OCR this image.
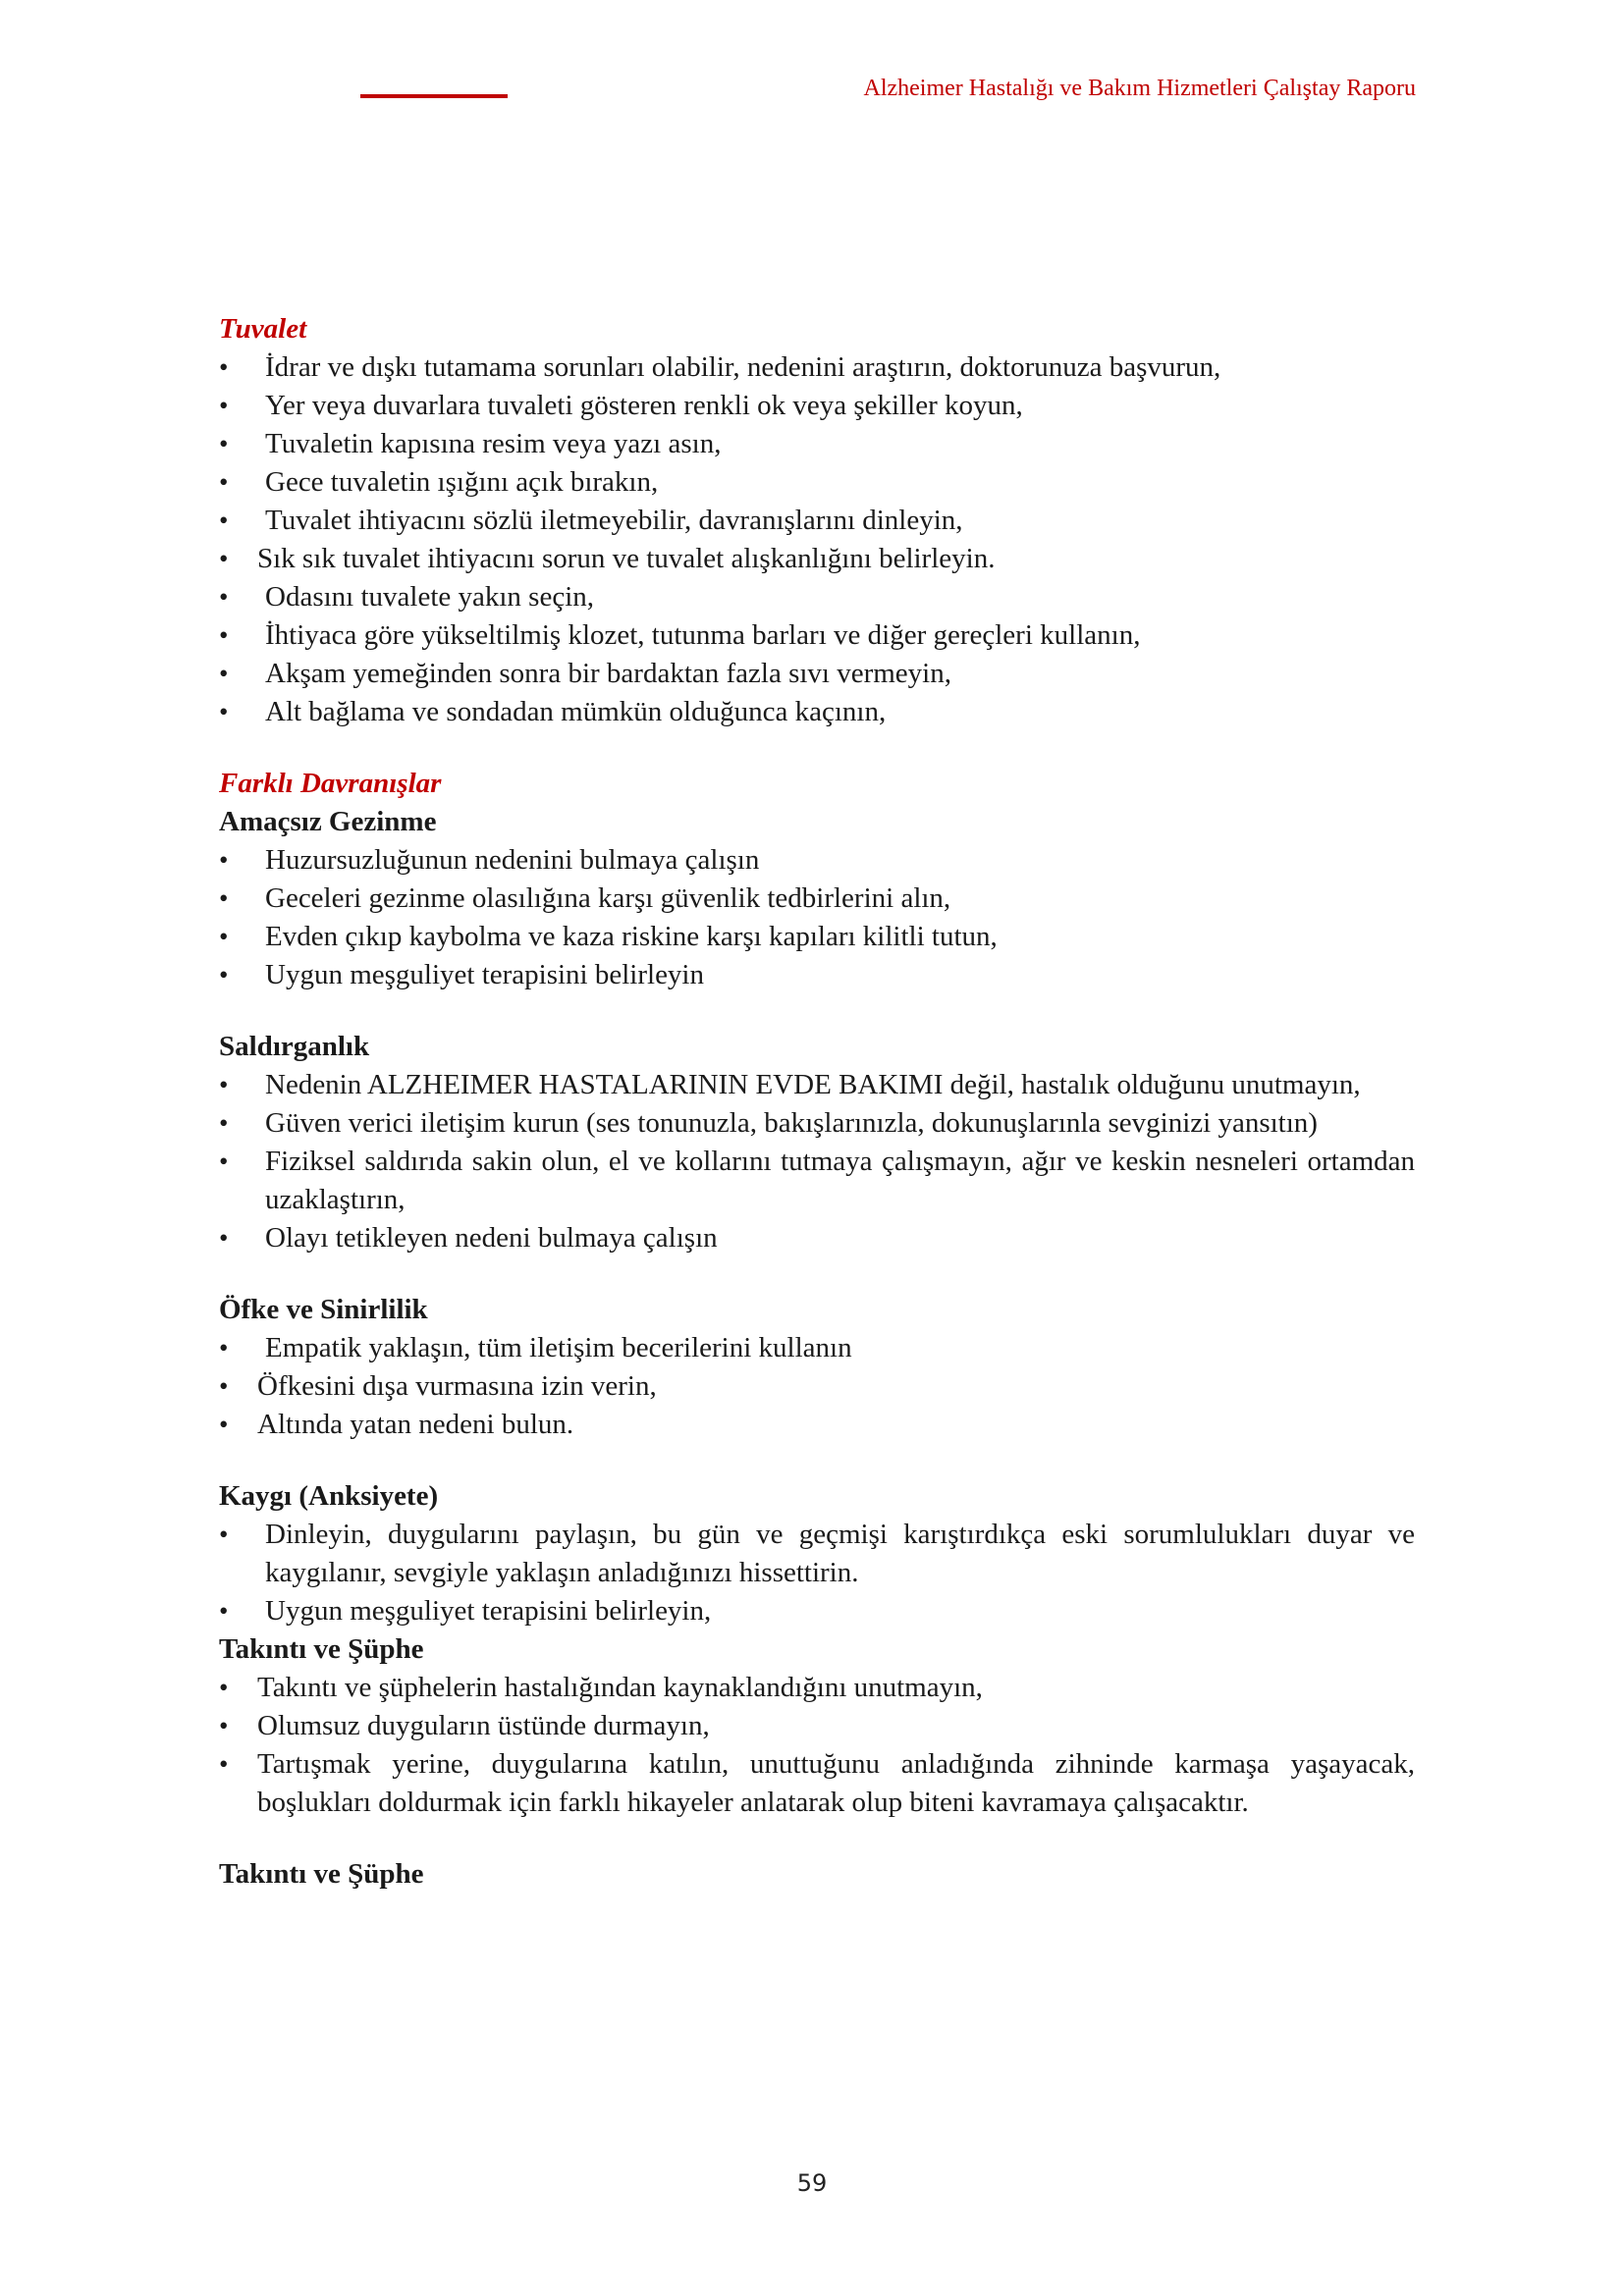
Alzheimer Hastalığı ve Bakım Hizmetleri Çalıştay Raporu

Tuvalet

• İdrar ve dışkı tutamama sorunları olabilir, nedenini araştırın, doktorunuza başvurun,
• Yer veya duvarlara tuvaleti gösteren renkli ok veya şekiller koyun,
• Tuvaletin kapısına resim veya yazı asın,
• Gece tuvaletin ışığını açık bırakın,
• Tuvalet ihtiyacını sözlü iletmeyebilir, davranışlarını dinleyin,
• Sık sık tuvalet ihtiyacını sorun ve tuvalet alışkanlığını belirleyin.
• Odasını tuvalete yakın seçin,
• İhtiyaca göre yükseltilmiş klozet, tutunma barları ve diğer gereçleri kullanın,
• Akşam yemeğinden sonra bir bardaktan fazla sıvı vermeyin,
• Alt bağlama ve sondadan mümkün olduğunca kaçının,

Farklı Davranışlar

Amaçsız Gezinme

• Huzursuzluğunun nedenini bulmaya çalışın
• Geceleri gezinme olasılığına karşı güvenlik tedbirlerini alın,
• Evden çıkıp kaybolma ve kaza riskine karşı kapıları kilitli tutun,
• Uygun meşguliyet terapisini belirleyin

Saldırganlık

• Nedenin ALZHEIMER HASTALARININ EVDE BAKIMI değil, hastalık olduğunu unutmayın,
• Güven verici iletişim kurun (ses tonunuzla, bakışlarınızla, dokunuşlarınla sevginizi yansıtın)
• Fiziksel saldırıda sakin olun, el ve kollarını tutmaya çalışmayın, ağır ve keskin nesneleri ortamdan uzaklaştırın,
• Olayı tetikleyen nedeni bulmaya çalışın

Öfke ve Sinirlilik

• Empatik yaklaşın, tüm iletişim becerilerini kullanın
• Öfkesini dışa vurmasına izin verin,
• Altında yatan nedeni bulun.

Kaygı (Anksiyete)

• Dinleyin, duygularını paylaşın, bu gün ve geçmişi karıştırdıkça eski sorumlulukları duyar ve kaygılanır, sevgiyle yaklaşın anladığınızı hissettirin.
• Uygun meşguliyet terapisini belirleyin,

Takıntı ve Şüphe

• Takıntı ve şüphelerin hastalığından kaynaklandığını unutmayın,
• Olumsuz duyguların üstünde durmayın,
• Tartışmak yerine, duygularına katılın, unuttuğunu anladığında zihninde karmaşa yaşayacak, boşlukları doldurmak için farklı hikayeler anlatarak olup biteni kavramaya çalışacaktır.

Takıntı ve Şüphe

59
